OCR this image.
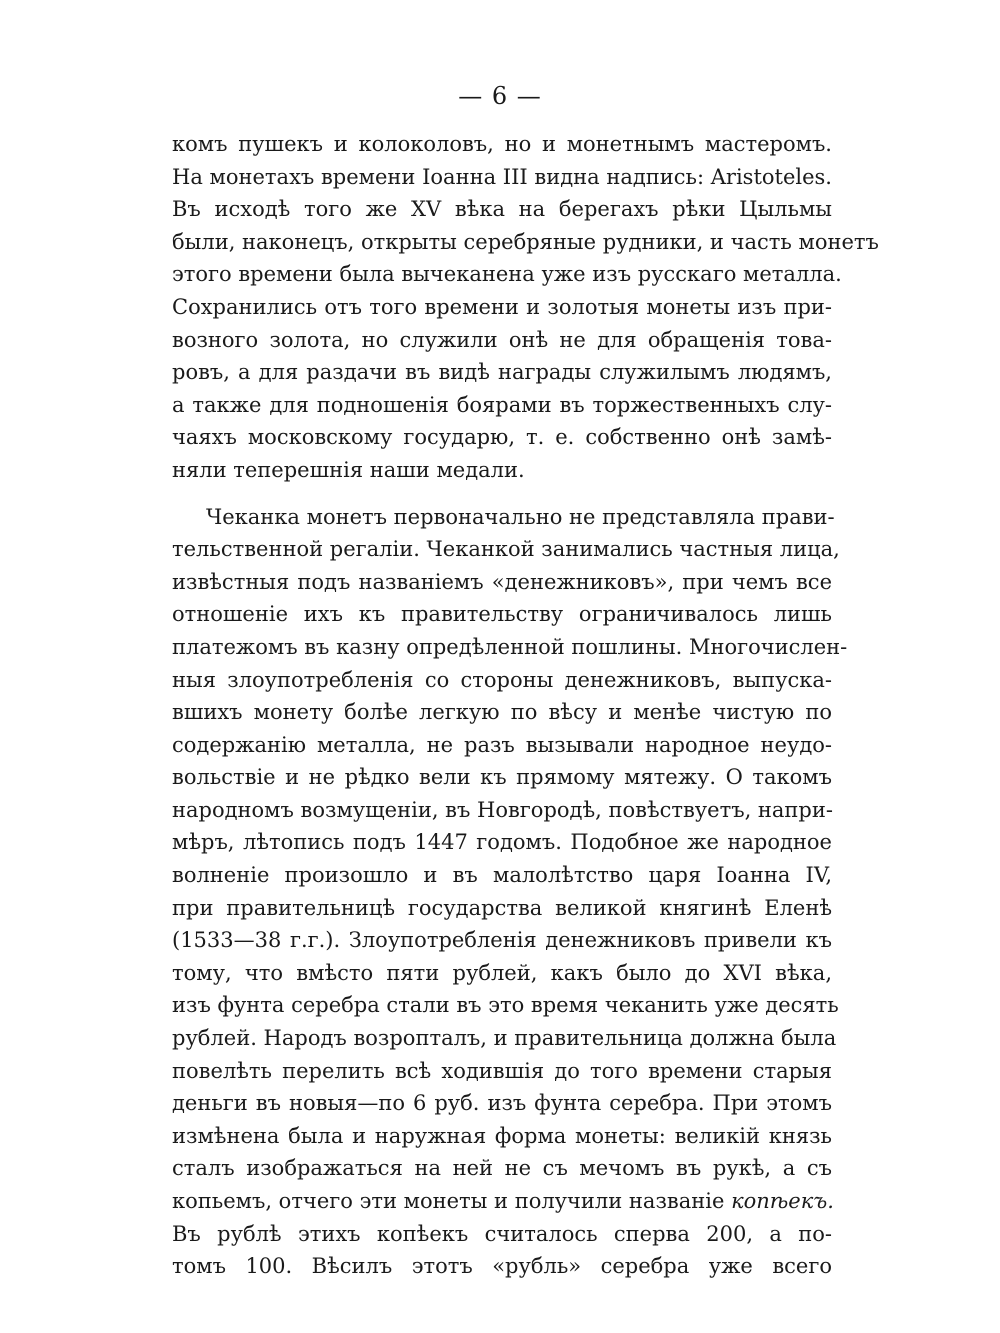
— 6 —
комъ пушекъ и колоколовъ, но и монетнымъ мастеромъ.
На монетахъ времени Іоанна III видна надпись: Aristoteles.
Въ исходѣ того же XV вѣка на берегахъ рѣки Цыльмы
были, наконецъ, открыты серебряные рудники, и часть монетъ
этого времени была вычеканена уже изъ русскаго металла.
Сохранились отъ того времени и золотыя монеты изъ при-
возного золота, но служили онѣ не для обращенія това-
ровъ, а для раздачи въ видѣ награды служилымъ людямъ,
а также для подношенія боярами въ торжественныхъ слу-
чаяхъ московскому государю, т. е. собственно онѣ замѣ-
няли теперешнія наши медали.
Чеканка монетъ первоначально не представляла прави-
тельственной регаліи. Чеканкой занимались частныя лица,
извѣстныя подъ названіемъ «денежниковъ», при чемъ все
отношеніе ихъ къ правительству ограничивалось лишь
платежомъ въ казну опредѣленной пошлины. Многочислен-
ныя злоупотребленія со стороны денежниковъ, выпуска-
вшихъ монету болѣе легкую по вѣсу и менѣе чистую по
содержанію металла, не разъ вызывали народное неудо-
вольствіе и не рѣдко вели къ прямому мятежу. О такомъ
народномъ возмущеніи, въ Новгородѣ, повѣствуетъ, напри-
мѣръ, лѣтопись подъ 1447 годомъ. Подобное же народное
волненіе произошло и въ малолѣтство царя Іоанна IV,
при правительницѣ государства великой княгинѣ Еленѣ
(1533—38 г.г.). Злоупотребленія денежниковъ привели къ
тому, что вмѣсто пяти рублей, какъ было до XVI вѣка,
изъ фунта серебра стали въ это время чеканить уже десять
рублей. Народъ возропталъ, и правительница должна была
повелѣть перелить всѣ ходившія до того времени старыя
деньги въ новыя—по 6 руб. изъ фунта серебра. При этомъ
измѣнена была и наружная форма монеты: великій князь
сталъ изображаться на ней не съ мечомъ въ рукѣ, а съ
копьемъ, отчего эти монеты и получили названіе копѣекъ.
Въ рублѣ этихъ копѣекъ считалось сперва 200, а по-
томъ 100. Вѣсилъ этотъ «рубль» серебра уже всего
